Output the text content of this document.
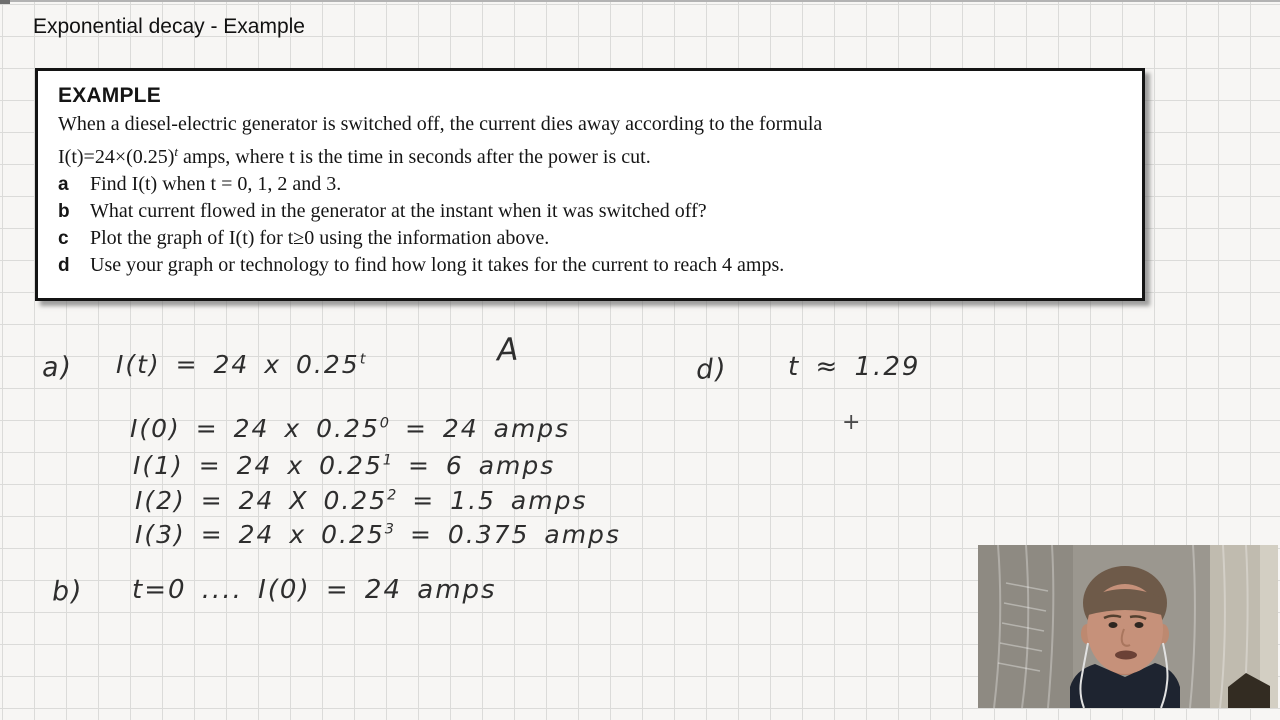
Exponential decay - Example
EXAMPLE

When a diesel-electric generator is switched off, the current dies away according to the formula

$I(t)=24\times(0.25)^t$ amps, where t is the time in seconds after the power is cut.

a	Find I(t) when t = 0, 1, 2 and 3.
b	What current flowed in the generator at the instant when it was switched off?
c	Plot the graph of I(t) for t≥0 using the information above.
d	Use your graph or technology to find how long it takes for the current to reach 4 amps.
a) I(t) = 24 x 0.25$^t$	A
I(0) = 24 x $0.25^0 = 24$ amps
I(1) = 24 x $0.25^1 = 6$ amps
I(2) = 24 X $0.25^2 = 1.5$ amps
I(3) = 24 x $0.25^3 = 0.375$ amps
b) t=0 .... I(0) = 24 amps
d) t ≈ 1.29
+
